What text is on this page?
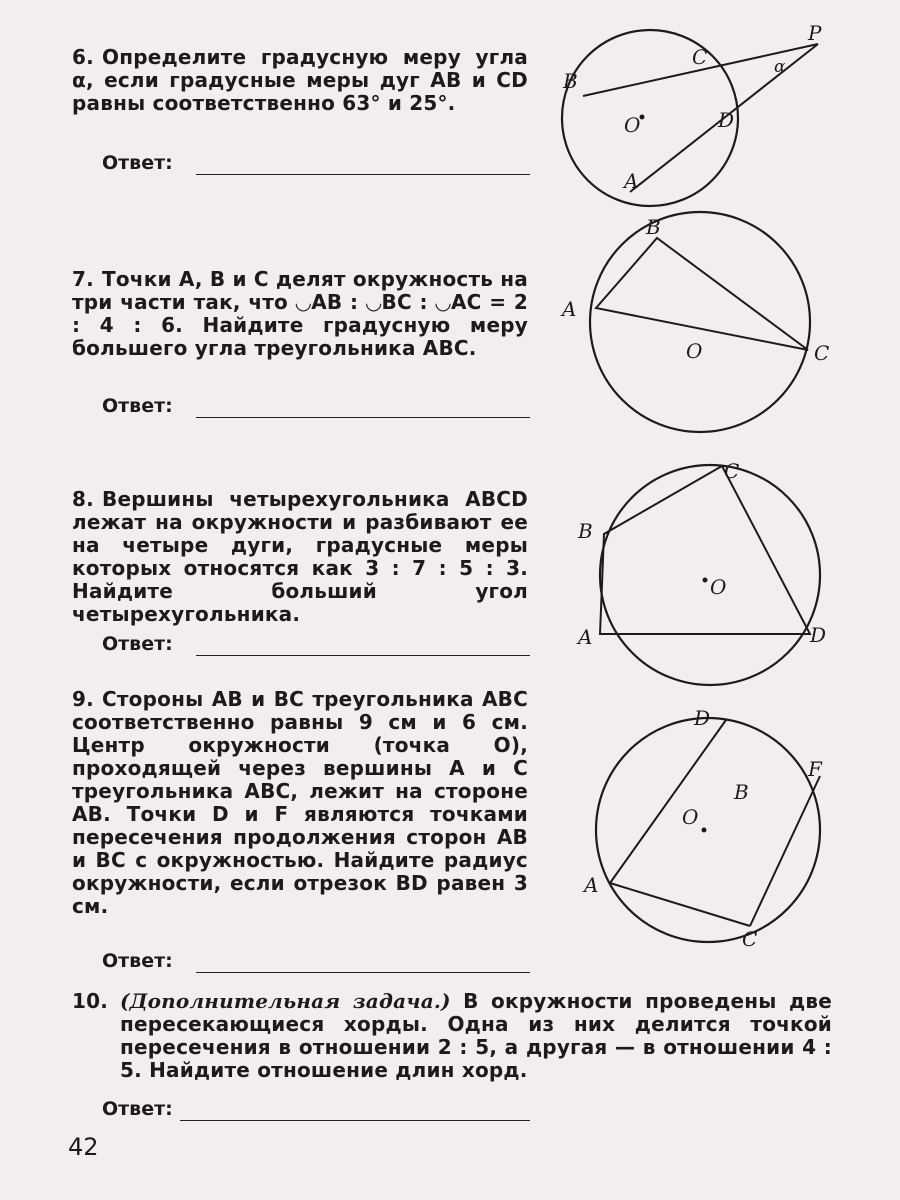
6. Определите градусную меру угла α, если градусные меры дуг AB и CD равны соответственно 63° и 25°.
Ответ:
P
C	α
B
O	D
A
7. Точки A, B и C делят окружность на три части так, что ◡AB : ◡BC : ◡AC = 2 : 4 : 6. Найдите градусную меру большего угла треугольника ABC.
Ответ:
B
A
O	C
8. Вершины четырехугольника ABCD лежат на окружности и разбивают ее на четыре дуги, градусные меры которых относятся как 3 : 7 : 5 : 3. Найдите больший угол четырехугольника.
Ответ:
C
B
O
A	D
9. Стороны AB и BC треугольника ABC соответственно равны 9 см и 6 см. Центр окружности (точка O), проходящей через вершины A и C треугольника ABC, лежит на стороне AB. Точки D и F являются точками пересечения продолжения сторон AB и BC с окружностью. Найдите радиус окружности, если отрезок BD равен 3 см.
Ответ:
D
F
B
O
A
C
10. (Дополнительная задача.) В окружности проведены две пересекающиеся хорды. Одна из них делится точкой пересечения в отношении 2 : 5, а другая — в отношении 4 : 5. Найдите отношение длин хорд.
Ответ:
42
